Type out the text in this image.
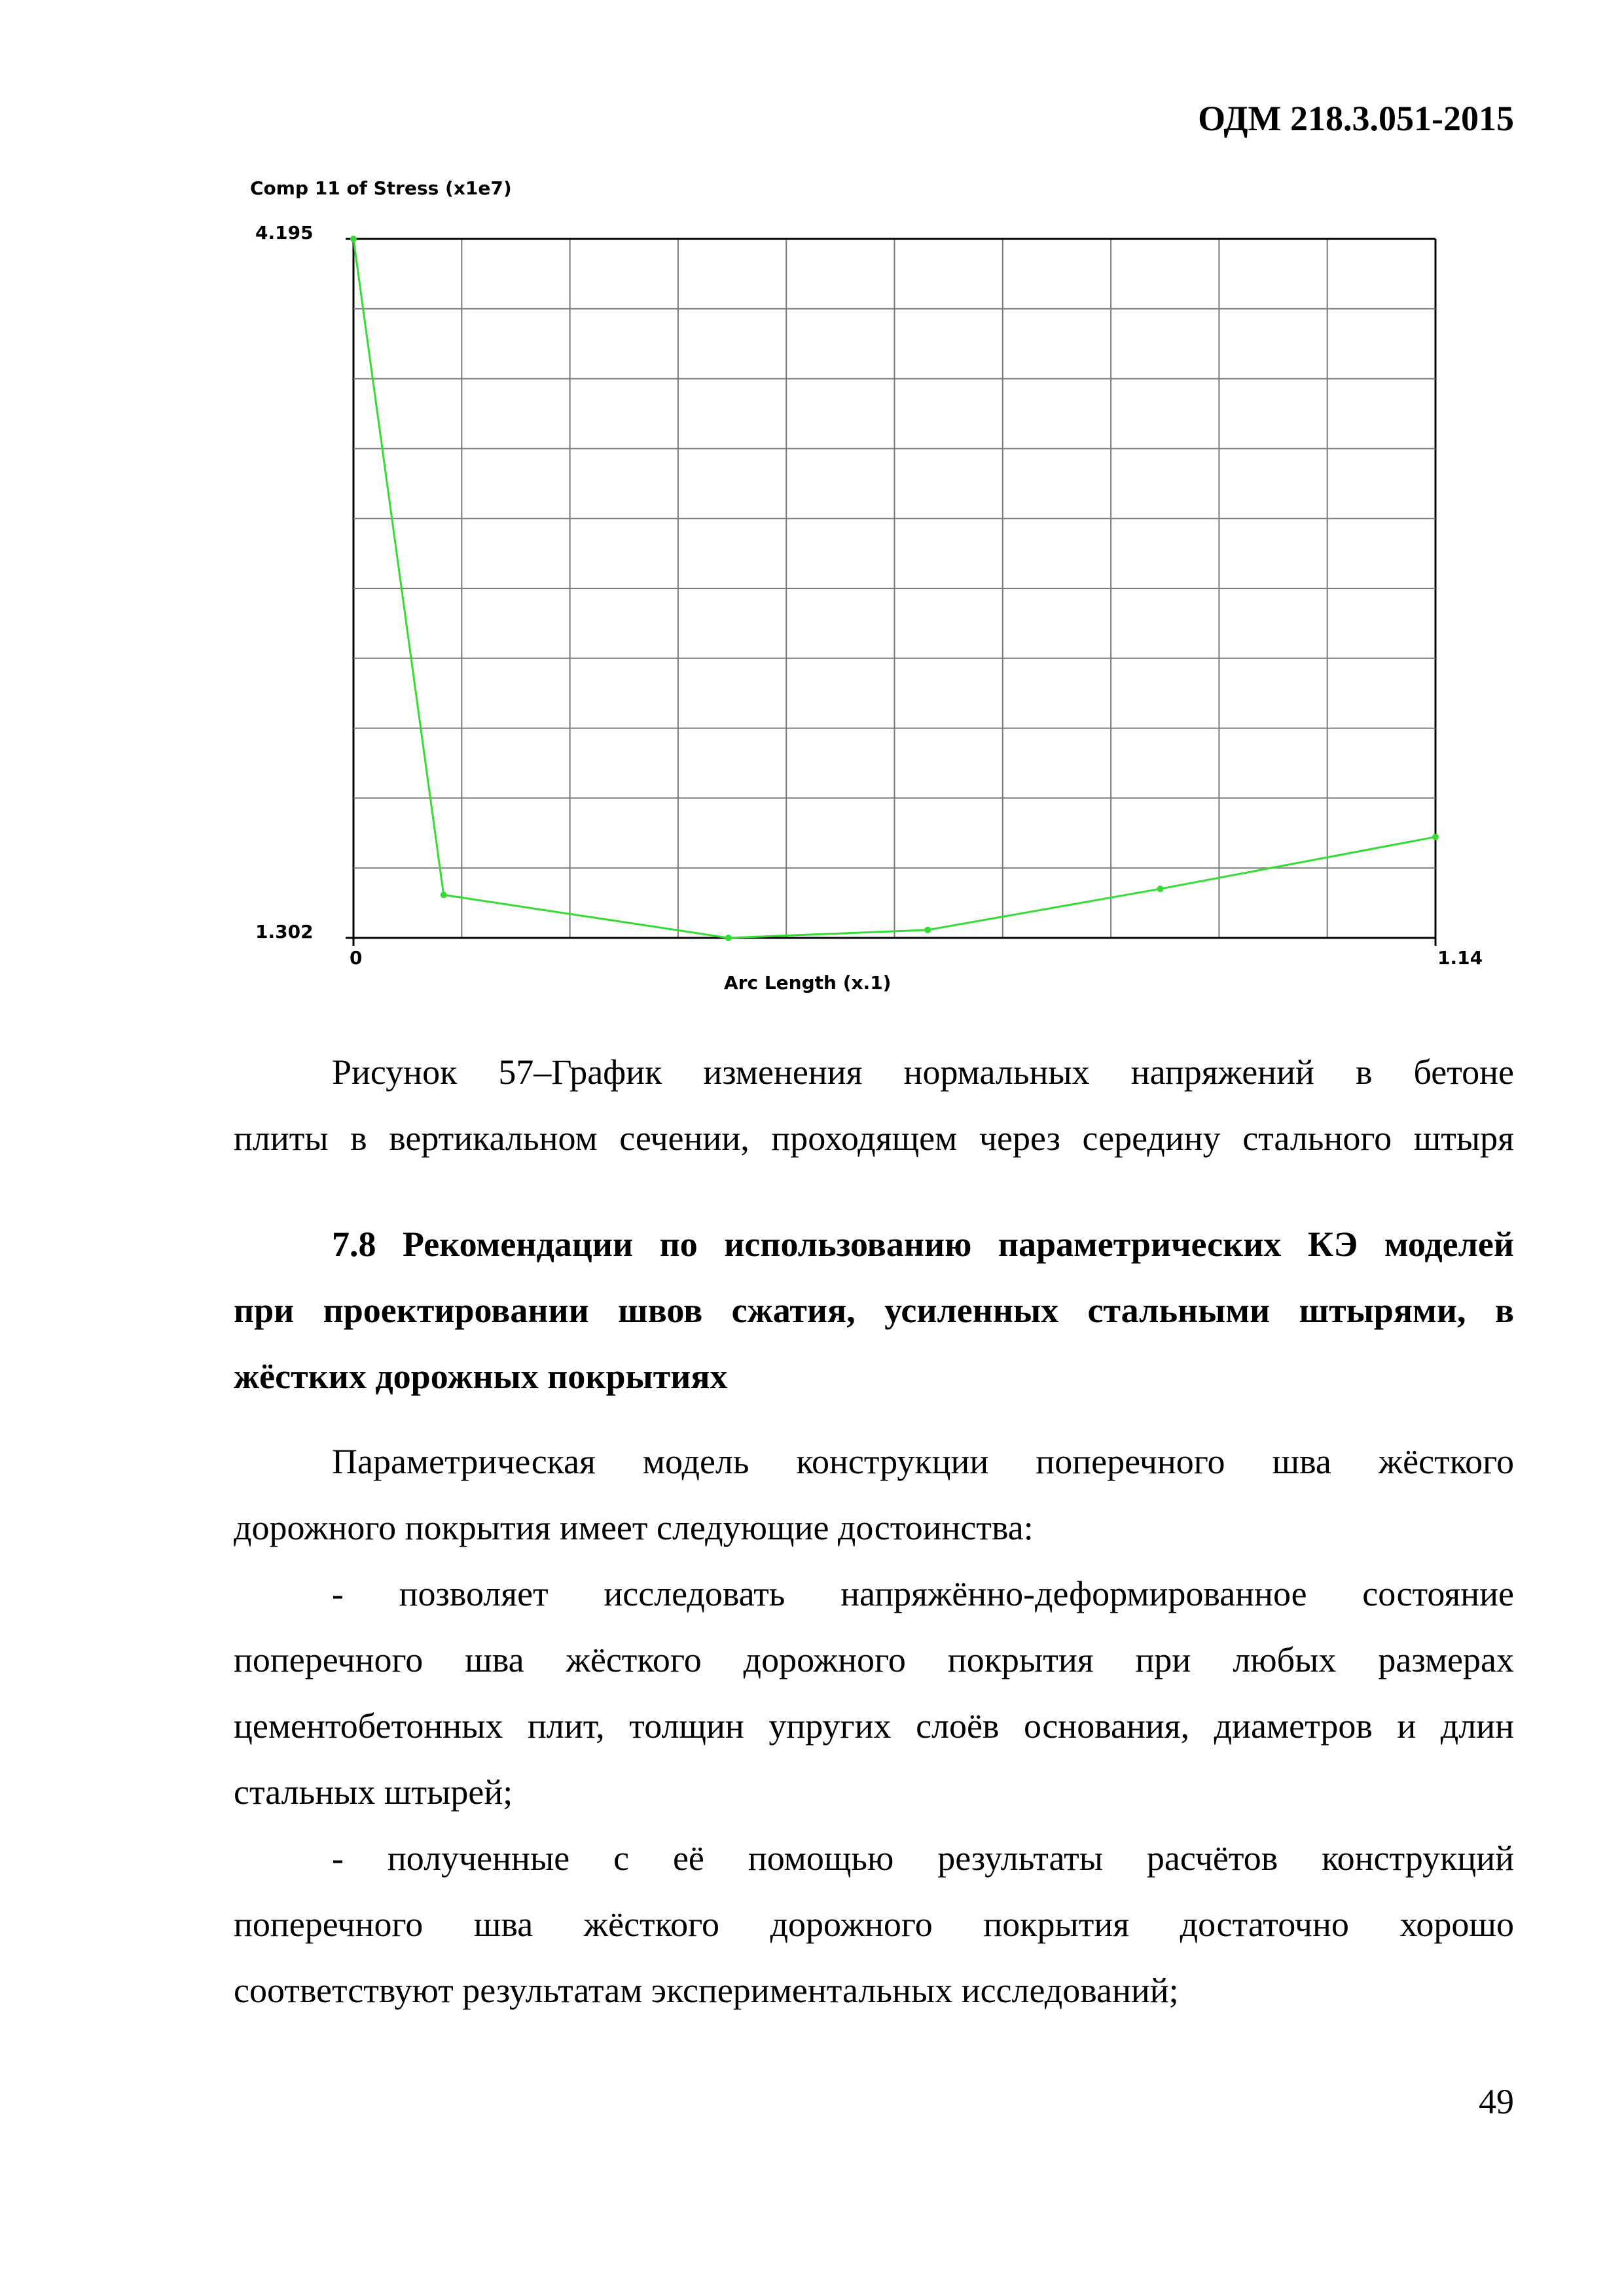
ОДМ 218.3.051-2015
Comp 11 of Stress (x1e7)
4.195
1.302
0	1.14
Arc Length (x.1)
Рисунок 57–График изменения нормальных напряжений в бетоне
плиты в вертикальном сечении, проходящем через середину стального штыря
7.8 Рекомендации по использованию параметрических КЭ моделей
при проектировании швов сжатия, усиленных стальными штырями, в
жёстких дорожных покрытиях
Параметрическая модель конструкции поперечного шва жёсткого
дорожного покрытия имеет следующие достоинства:
- позволяет исследовать напряжённо-деформированное состояние
поперечного шва жёсткого дорожного покрытия при любых размерах
цементобетонных плит, толщин упругих слоёв основания, диаметров и длин
стальных штырей;
- полученные с её помощью результаты расчётов конструкций
поперечного шва жёсткого дорожного покрытия достаточно хорошо
соответствуют результатам экспериментальных исследований;
49
